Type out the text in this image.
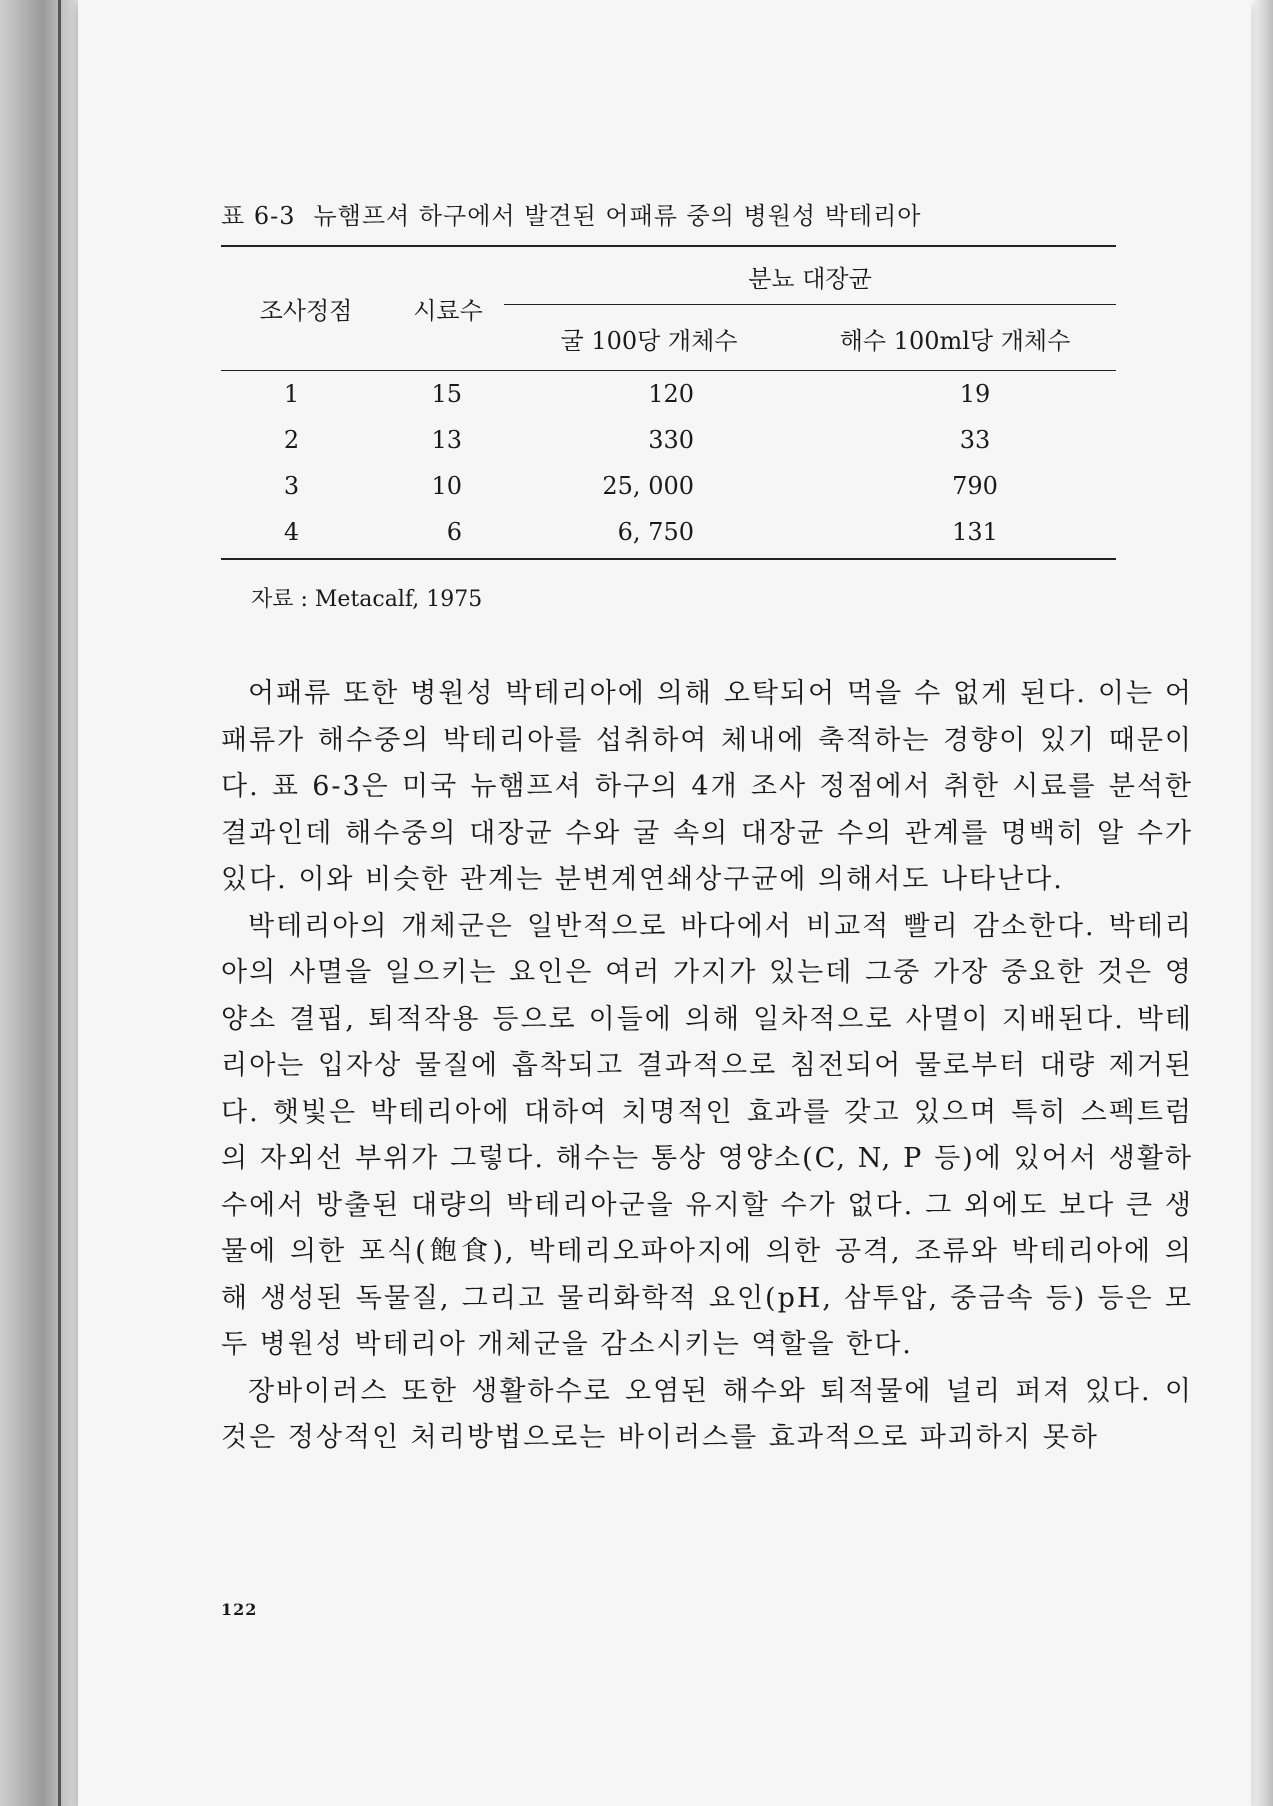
표 6-3 뉴햄프셔 하구에서 발견된 어패류 중의 병원성 박테리아
조사정점	시료수	분뇨 대장균	
		굴 100당 개체수	해수 100ml당 개체수
1	15	120	19
2	13	330	33
3	10	25, 000	790
4	6	6, 750	131
자료 : Metacalf, 1975

어패류 또한 병원성 박테리아에 의해 오탁되어 먹을 수 없게 된다. 이는 어패류가 해수중의 박테리아를 섭취하여 체내에 축적하는 경향이 있기 때문이다. 표 6-3은 미국 뉴햄프셔 하구의 4개 조사 정점에서 취한 시료를 분석한 결과인데 해수중의 대장균 수와 굴 속의 대장균 수의 관계를 명백히 알 수가 있다. 이와 비슷한 관계는 분변계연쇄상구균에 의해서도 나타난다.

박테리아의 개체군은 일반적으로 바다에서 비교적 빨리 감소한다. 박테리아의 사멸을 일으키는 요인은 여러 가지가 있는데 그중 가장 중요한 것은 영양소 결핍, 퇴적작용 등으로 이들에 의해 일차적으로 사멸이 지배된다. 박테리아는 입자상 물질에 흡착되고 결과적으로 침전되어 물로부터 대량 제거된다. 햇빛은 박테리아에 대하여 치명적인 효과를 갖고 있으며 특히 스펙트럼의 자외선 부위가 그렇다. 해수는 통상 영양소(C, N, P 등)에 있어서 생활하수에서 방출된 대량의 박테리아군을 유지할 수가 없다. 그 외에도 보다 큰 생물에 의한 포식(飽食), 박테리오파아지에 의한 공격, 조류와 박테리아에 의해 생성된 독물질, 그리고 물리화학적 요인(pH, 삼투압, 중금속 등) 등은 모두 병원성 박테리아 개체군을 감소시키는 역할을 한다.

장바이러스 또한 생활하수로 오염된 해수와 퇴적물에 널리 퍼져 있다. 이것은 정상적인 처리방법으로는 바이러스를 효과적으로 파괴하지 못하

122
